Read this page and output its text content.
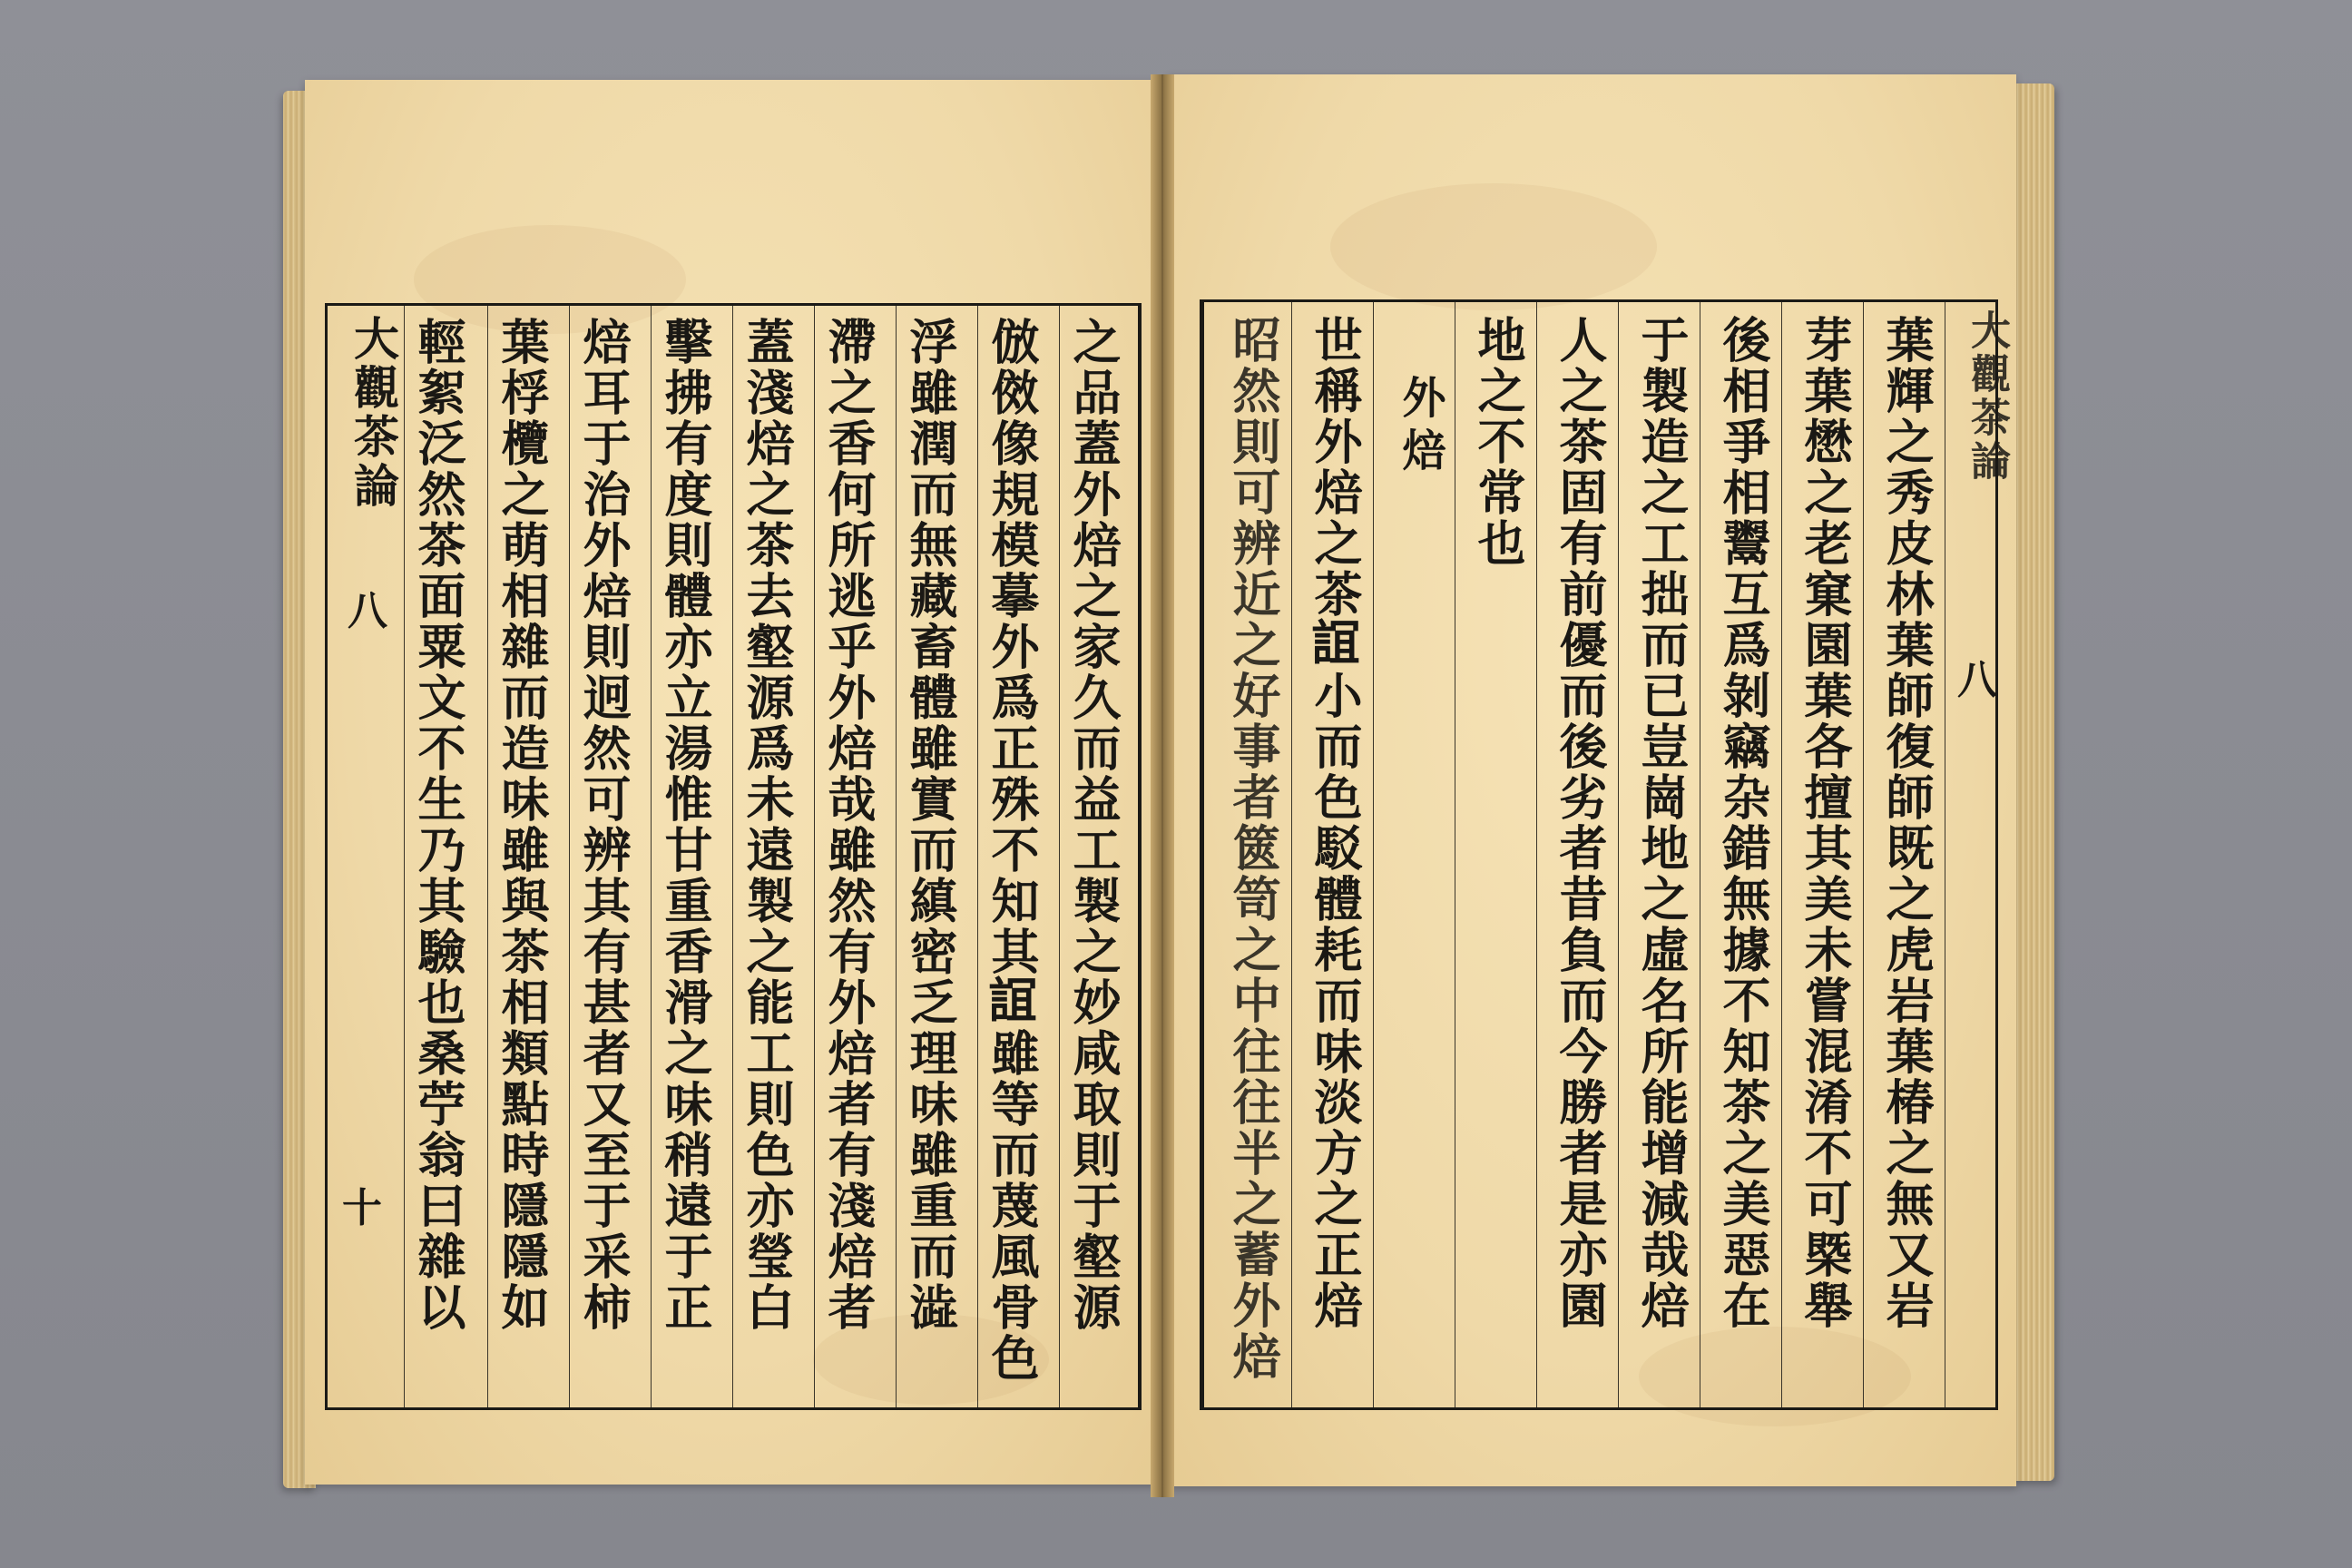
之品蓋外焙之家久而益工製之妙咸取則于壑源
倣傚像規模摹外爲正殊不知其𧨏雖等而蔑風骨色
浮雖潤而無藏畜體雖實而縝密乏理味雖重而澁
滯之香何所逃乎外焙哉雖然有外焙者有淺焙者
蓋淺焙之茶去壑源爲未遠製之能工則色亦瑩白
擊拂有度則體亦立湯惟甘重香滑之味稍遠于正
焙耳于治外焙則迥然可辨其有甚者又至于采柿
葉桴欖之萌相雜而造味雖與茶相類點時隱隱如
輕絮泛然茶面粟文不生乃其驗也桑苧翁曰雜以
大觀茶論
八
十	葉輝之秀皮林葉師復師既之虎岩葉椿之無又岩
芽葉懋之老窠園葉各擅其美未嘗混淆不可槩舉
後相爭相鬻互爲剝竊杂錯無據不知茶之美惡在
于製造之工拙而已豈崗地之虛名所能增減哉焙
人之茶固有前優而後劣者昔負而今勝者是亦園
地之不常也
外焙
世稱外焙之茶𧨏小而色駁體耗而味淡方之正焙
昭然則可辨近之好事者篋笥之中往往半之蓄外焙	大觀茶論
八
